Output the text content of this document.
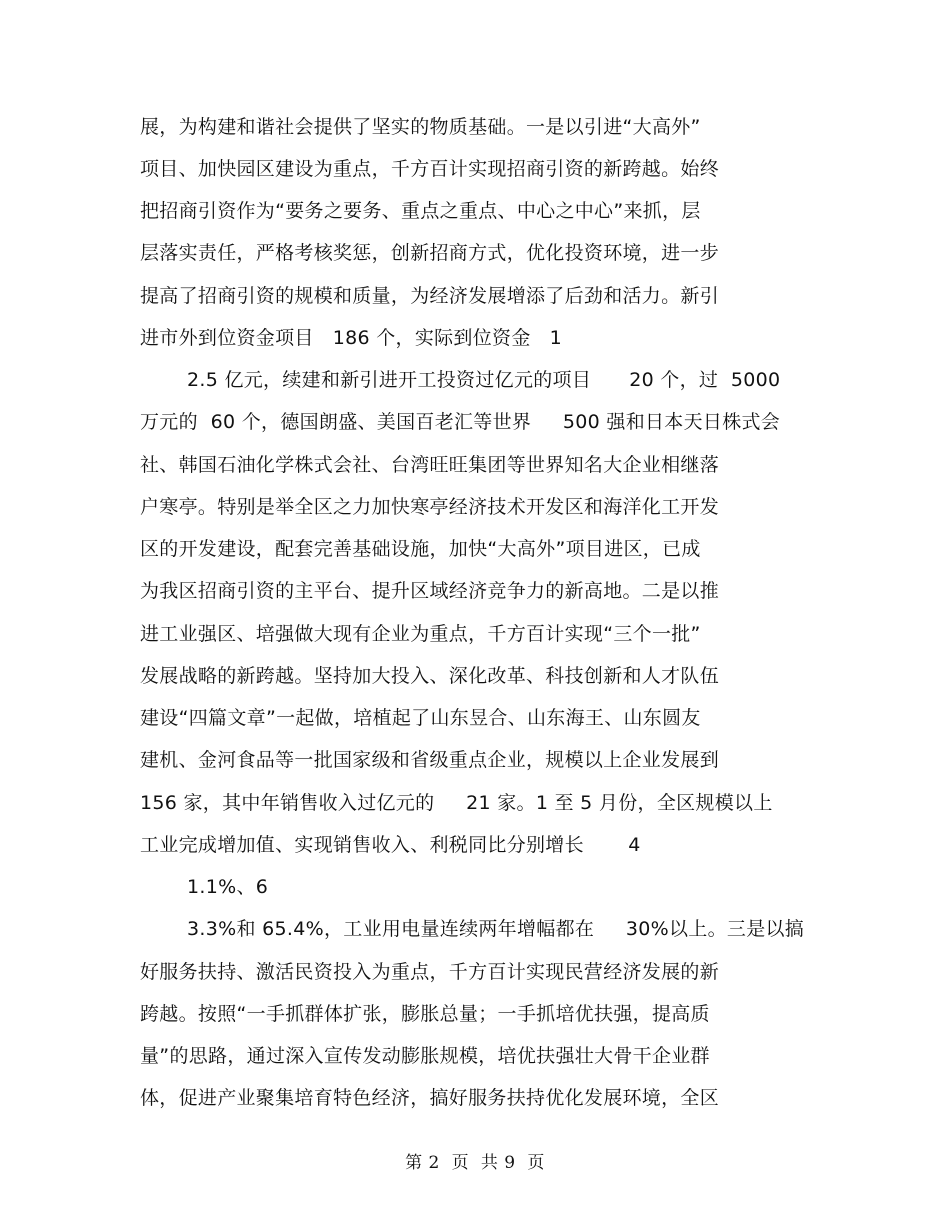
展，为构建和谐社会提供了坚实的物质基础。一是以引进“大高外”
项目、加快园区建设为重点，千方百计实现招商引资的新跨越。始终
把招商引资作为“要务之要务、重点之重点、中心之中心”来抓，层
层落实责任，严格考核奖惩，创新招商方式，优化投资环境，进一步
提高了招商引资的规模和质量，为经济发展增添了后劲和活力。新引
进市外到位资金项目   186 个，实际到位资金   1
2.5 亿元，续建和新引进开工投资过亿元的项目      20 个，过  5000
万元的  60 个，德国朗盛、美国百老汇等世界     500 强和日本天日株式会
社、韩国石油化学株式会社、台湾旺旺集团等世界知名大企业相继落
户寒亭。特别是举全区之力加快寒亭经济技术开发区和海洋化工开发
区的开发建设，配套完善基础设施，加快“大高外”项目进区，已成
为我区招商引资的主平台、提升区域经济竞争力的新高地。二是以推
进工业强区、培强做大现有企业为重点，千方百计实现“三个一批”
发展战略的新跨越。坚持加大投入、深化改革、科技创新和人才队伍
建设“四篇文章”一起做，培植起了山东昱合、山东海王、山东圆友
建机、金河食品等一批国家级和省级重点企业，规模以上企业发展到
156 家，其中年销售收入过亿元的     21 家。1 至 5 月份，全区规模以上
工业完成增加值、实现销售收入、利税同比分别增长       4
1.1%、6
3.3%和 65.4%，工业用电量连续两年增幅都在     30%以上。三是以搞
好服务扶持、激活民资投入为重点，千方百计实现民营经济发展的新
跨越。按照“一手抓群体扩张，膨胀总量；一手抓培优扶强，提高质
量”的思路，通过深入宣传发动膨胀规模，培优扶强壮大骨干企业群
体，促进产业聚集培育特色经济，搞好服务扶持优化发展环境，全区
第 2  页  共 9  页
